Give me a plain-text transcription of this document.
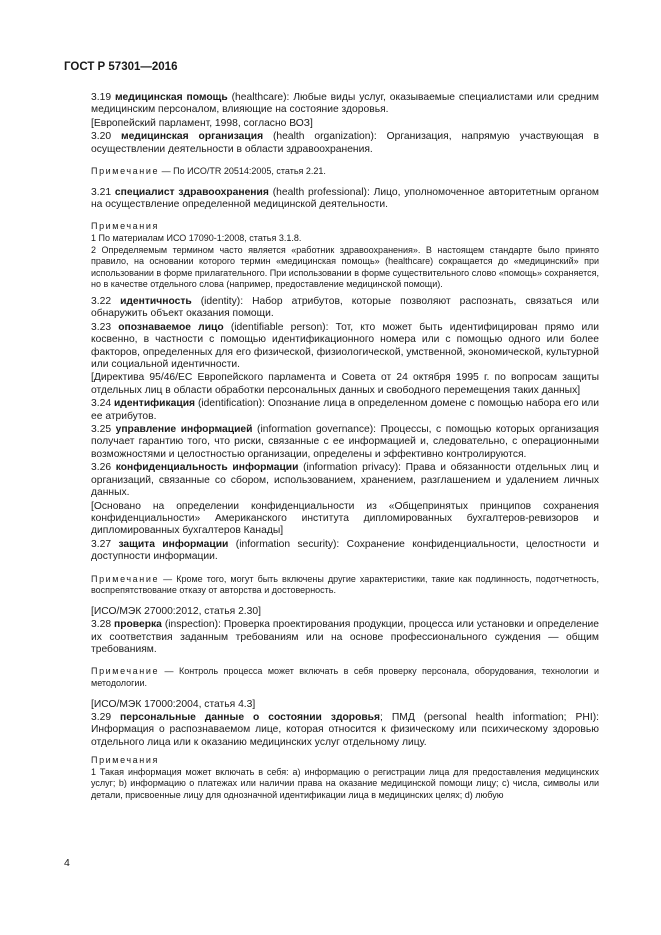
ГОСТ Р 57301—2016

3.19 медицинская помощь (healthcare): Любые виды услуг, оказываемые специалистами или средним медицинским персоналом, влияющие на состояние здоровья.

[Европейский парламент, 1998, согласно ВОЗ]

3.20 медицинская организация (health organization): Организация, напрямую участвующая в осуществлении деятельности в области здравоохранения.

Примечание — По ИСО/TR 20514:2005, статья 2.21.

3.21 специалист здравоохранения (health professional): Лицо, уполномоченное авторитетным органом на осуществление определенной медицинской деятельности.

Примечания

1 По материалам ИСО 17090-1:2008, статья 3.1.8.

2 Определяемым термином часто является «работник здравоохранения». В настоящем стандарте было принято правило, на основании которого термин «медицинская помощь» (healthcare) сокращается до «медицинский» при использовании в форме прилагательного. При использовании в форме существительного слово «помощь» сохраняется, но в качестве отдельного слова (например, предоставление медицинской помощи).

3.22 идентичность (identity): Набор атрибутов, которые позволяют распознать, связаться или обнаружить объект оказания помощи.

3.23 опознаваемое лицо (identifiable person): Тот, кто может быть идентифицирован прямо или косвенно, в частности с помощью идентификационного номера или с помощью одного или более факторов, определенных для его физической, физиологической, умственной, экономической, культурной или социальной идентичности.

[Директива 95/46/ЕС Европейского парламента и Совета от 24 октября 1995 г. по вопросам защиты отдельных лиц в области обработки персональных данных и свободного перемещения таких данных]

3.24 идентификация (identification): Опознание лица в определенном домене с помощью набора его или ее атрибутов.

3.25 управление информацией (information governance): Процессы, с помощью которых организация получает гарантию того, что риски, связанные с ее информацией и, следовательно, с операционными возможностями и целостностью организации, определены и эффективно контролируются.

3.26 конфиденциальность информации (information privacy): Права и обязанности отдельных лиц и организаций, связанные со сбором, использованием, хранением, разглашением и удалением личных данных.

[Основано на определении конфиденциальности из «Общепринятых принципов сохранения конфиденциальности» Американского института дипломированных бухгалтеров-ревизоров и дипломированных бухгалтеров Канады]

3.27 защита информации (information security): Сохранение конфиденциальности, целостности и доступности информации.

Примечание — Кроме того, могут быть включены другие характеристики, такие как подлинность, подотчетность, воспрепятствование отказу от авторства и достоверность.

[ИСО/МЭК 27000:2012, статья 2.30]

3.28 проверка (inspection): Проверка проектирования продукции, процесса или установки и определение их соответствия заданным требованиям или на основе профессионального суждения — общим требованиям.

Примечание — Контроль процесса может включать в себя проверку персонала, оборудования, технологии и методологии.

[ИСО/МЭК 17000:2004, статья 4.3]

3.29 персональные данные о состоянии здоровья; ПМД (personal health information; PHI): Информация о распознаваемом лице, которая относится к физическому или психическому здоровью отдельного лица или к оказанию медицинских услуг отдельному лицу.

Примечания

1 Такая информация может включать в себя: a) информацию о регистрации лица для предоставления медицинских услуг; b) информацию о платежах или наличии права на оказание медицинской помощи лицу; c) числа, символы или детали, присвоенные лицу для однозначной идентификации лица в медицинских целях; d) любую

4
